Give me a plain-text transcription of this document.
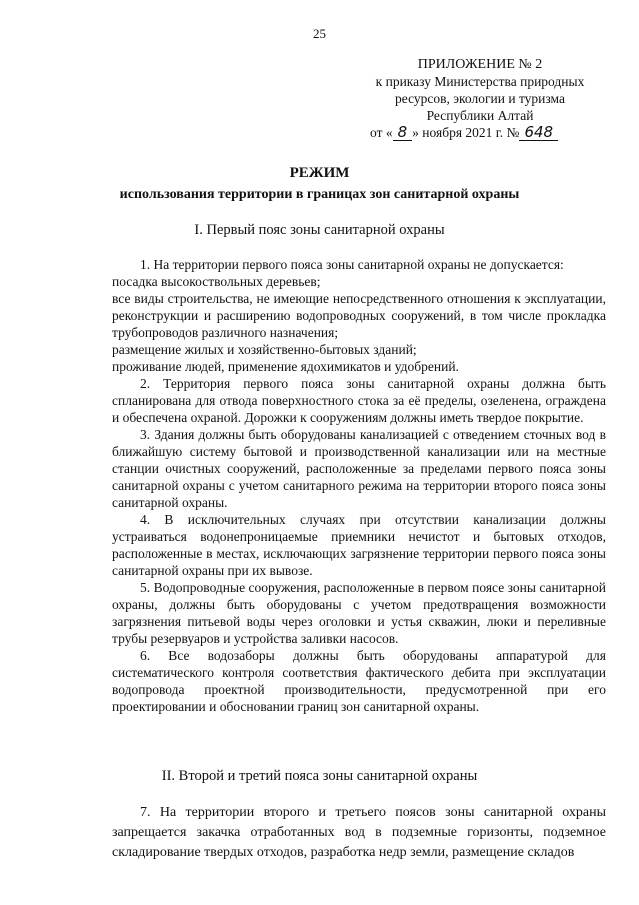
25
ПРИЛОЖЕНИЕ № 2
к приказу Министерства природных
ресурсов, экологии и туризма
Республики Алтай
от « 8 » ноября 2021 г. № 648
РЕЖИМ
использования территории в границах зон санитарной охраны
I. Первый пояс зоны санитарной охраны

1. На территории первого пояса зоны санитарной охраны не допускается:

посадка высокоствольных деревьев;

все виды строительства, не имеющие непосредственного отношения к эксплуатации, реконструкции и расширению водопроводных сооружений, в том числе прокладка трубопроводов различного назначения;

размещение жилых и хозяйственно-бытовых зданий;

проживание людей, применение ядохимикатов и удобрений.

2. Территория первого пояса зоны санитарной охраны должна быть спланирована для отвода поверхностного стока за её пределы, озеленена, ограждена и обеспечена охраной. Дорожки к сооружениям должны иметь твердое покрытие.

3. Здания должны быть оборудованы канализацией с отведением сточных вод в ближайшую систему бытовой и производственной канализации или на местные станции очистных сооружений, расположенные за пределами первого пояса зоны санитарной охраны с учетом санитарного режима на территории второго пояса зоны санитарной охраны.

4. В исключительных случаях при отсутствии канализации должны устраиваться водонепроницаемые приемники нечистот и бытовых отходов, расположенные в местах, исключающих загрязнение территории первого пояса зоны санитарной охраны при их вывозе.

5. Водопроводные сооружения, расположенные в первом поясе зоны санитарной охраны, должны быть оборудованы с учетом предотвращения возможности загрязнения питьевой воды через оголовки и устья скважин, люки и переливные трубы резервуаров и устройства заливки насосов.

6. Все водозаборы должны быть оборудованы аппаратурой для систематического контроля соответствия фактического дебита при эксплуатации водопровода проектной производительности, предусмотренной при его проектировании и обосновании границ зон санитарной охраны.

II. Второй и третий пояса зоны санитарной охраны

7. На территории второго и третьего поясов зоны санитарной охраны запрещается закачка отработанных вод в подземные горизонты, подземное складирование твердых отходов, разработка недр земли, размещение складов
